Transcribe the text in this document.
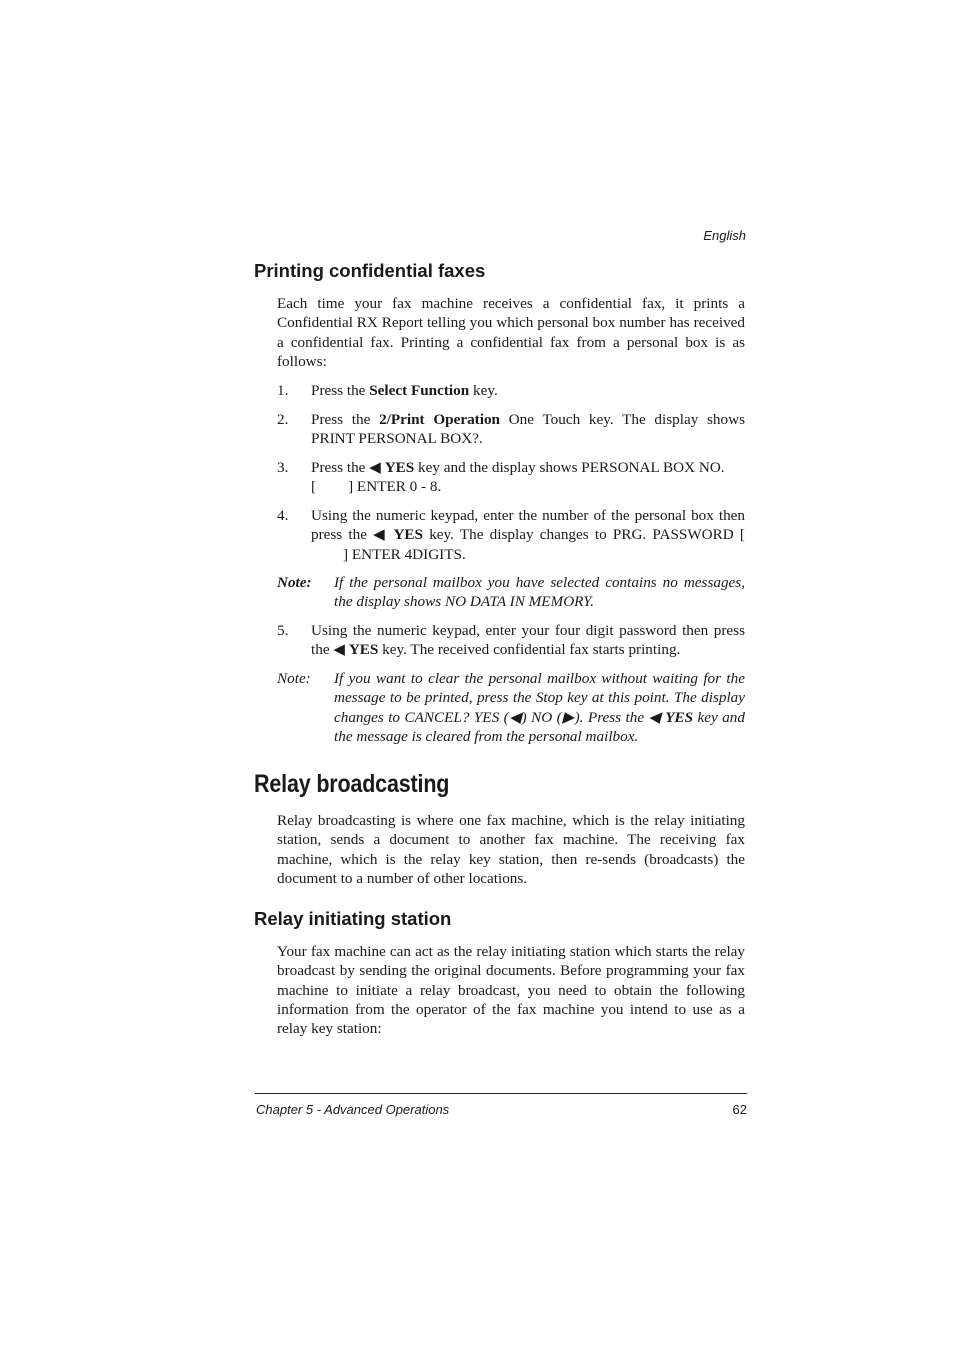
English
Printing confidential faxes

Each time your fax machine receives a confidential fax, it prints a Confidential RX Report telling you which personal box number has received a confidential fax. Printing a confidential fax from a personal box is as follows:

1. Press the Select Function key.
2. Press the 2/Print Operation One Touch key. The display shows PRINT PERSONAL BOX?.
3. Press the ◀ YES key and the display shows PERSONAL BOX NO.
[ ] ENTER 0 - 8.
4. Using the numeric keypad, enter the number of the personal box then press the ◀ YES key. The display changes to PRG. PASSWORD [] ENTER 4DIGITS.
Note: If the personal mailbox you have selected contains no messages, the display shows NO DATA IN MEMORY.
5. Using the numeric keypad, enter your four digit password then press the ◀ YES key. The received confidential fax starts printing.
Note: If you want to clear the personal mailbox without waiting for the message to be printed, press the Stop key at this point. The display changes to CANCEL? YES (◀) NO (▶). Press the ◀ YES key and the message is cleared from the personal mailbox.
Relay broadcasting

Relay broadcasting is where one fax machine, which is the relay initiating station, sends a document to another fax machine. The receiving fax machine, which is the relay key station, then re-sends (broadcasts) the document to a number of other locations.

Relay initiating station

Your fax machine can act as the relay initiating station which starts the relay broadcast by sending the original documents. Before programming your fax machine to initiate a relay broadcast, you need to obtain the following information from the operator of the fax machine you intend to use as a relay key station:

Chapter 5 - Advanced Operations	62
